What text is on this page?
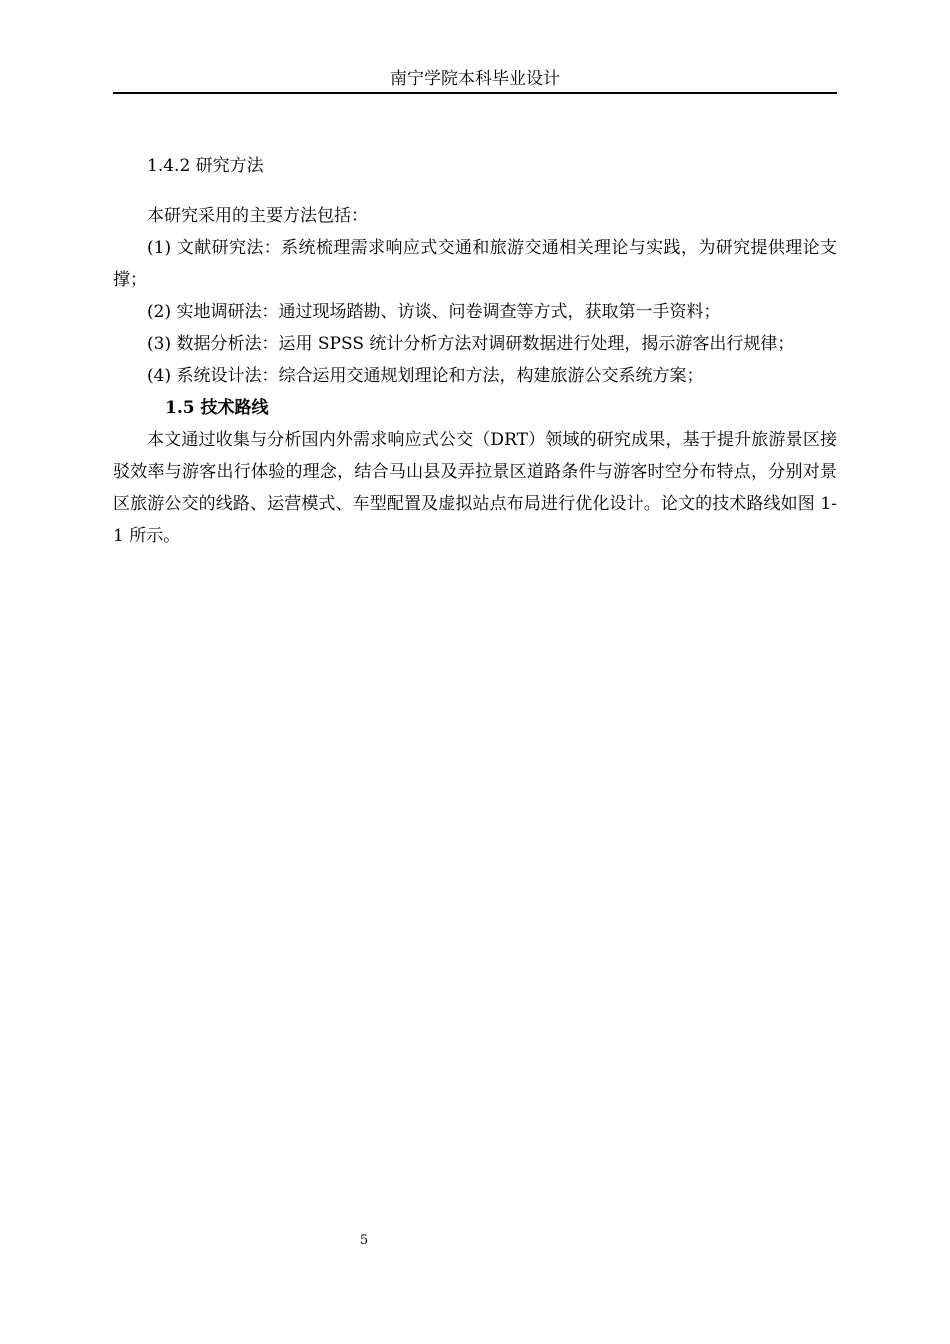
南宁学院本科毕业设计

1.4.2 研究方法

本研究采用的主要方法包括：

(1) 文献研究法：系统梳理需求响应式交通和旅游交通相关理论与实践，为研究提供理论支撑；

(2) 实地调研法：通过现场踏勘、访谈、问卷调查等方式，获取第一手资料；

(3) 数据分析法：运用 SPSS 统计分析方法对调研数据进行处理，揭示游客出行规律；

(4) 系统设计法：综合运用交通规划理论和方法，构建旅游公交系统方案；

1.5 技术路线

本文通过收集与分析国内外需求响应式公交（DRT）领域的研究成果，基于提升旅游景区接驳效率与游客出行体验的理念，结合马山县及弄拉景区道路条件与游客时空分布特点，分别对景区旅游公交的线路、运营模式、车型配置及虚拟站点布局进行优化设计。论文的技术路线如图 1-1 所示。

5
